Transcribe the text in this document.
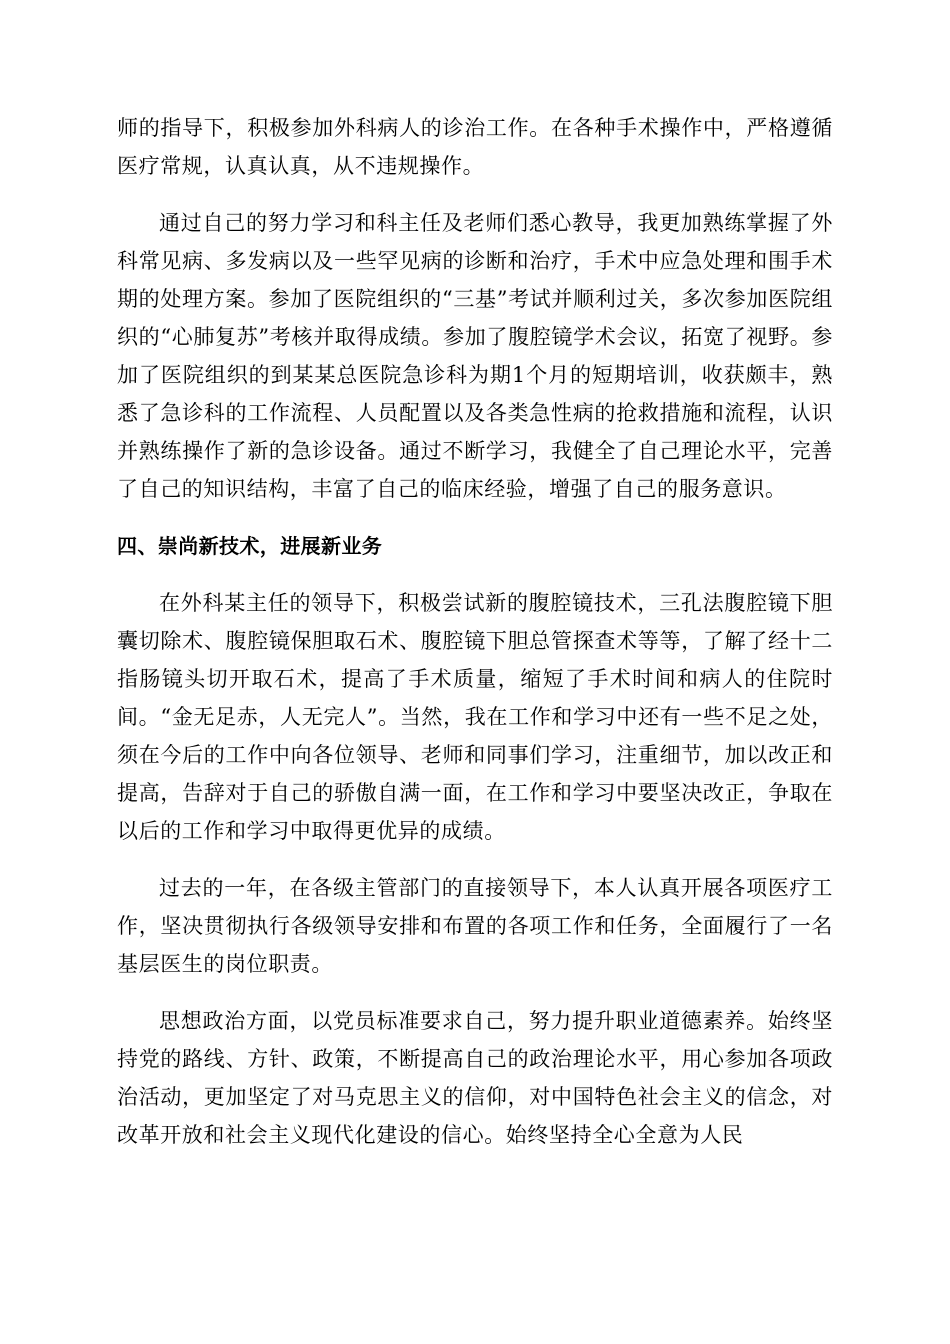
师的指导下，积极参加外科病人的诊治工作。在各种手术操作中，严格遵循医疗常规，认真认真，从不违规操作。

通过自己的努力学习和科主任及老师们悉心教导，我更加熟练掌握了外科常见病、多发病以及一些罕见病的诊断和治疗，手术中应急处理和围手术期的处理方案。参加了医院组织的“三基”考试并顺利过关，多次参加医院组织的“心肺复苏”考核并取得成绩。参加了腹腔镜学术会议，拓宽了视野。参加了医院组织的到某某总医院急诊科为期1个月的短期培训，收获颇丰，熟悉了急诊科的工作流程、人员配置以及各类急性病的抢救措施和流程，认识并熟练操作了新的急诊设备。通过不断学习，我健全了自己理论水平，完善了自己的知识结构，丰富了自己的临床经验，增强了自己的服务意识。

四、崇尚新技术，进展新业务

在外科某主任的领导下，积极尝试新的腹腔镜技术，三孔法腹腔镜下胆囊切除术、腹腔镜保胆取石术、腹腔镜下胆总管探查术等等，了解了经十二指肠镜头切开取石术，提高了手术质量，缩短了手术时间和病人的住院时间。“金无足赤，人无完人”。当然，我在工作和学习中还有一些不足之处，须在今后的工作中向各位领导、老师和同事们学习，注重细节，加以改正和提高，告辞对于自己的骄傲自满一面，在工作和学习中要坚决改正，争取在以后的工作和学习中取得更优异的成绩。

过去的一年，在各级主管部门的直接领导下，本人认真开展各项医疗工作，坚决贯彻执行各级领导安排和布置的各项工作和任务，全面履行了一名基层医生的岗位职责。

思想政治方面，以党员标准要求自己，努力提升职业道德素养。始终坚持党的路线、方针、政策，不断提高自己的政治理论水平，用心参加各项政治活动，更加坚定了对马克思主义的信仰，对中国特色社会主义的信念，对改革开放和社会主义现代化建设的信心。始终坚持全心全意为人民
